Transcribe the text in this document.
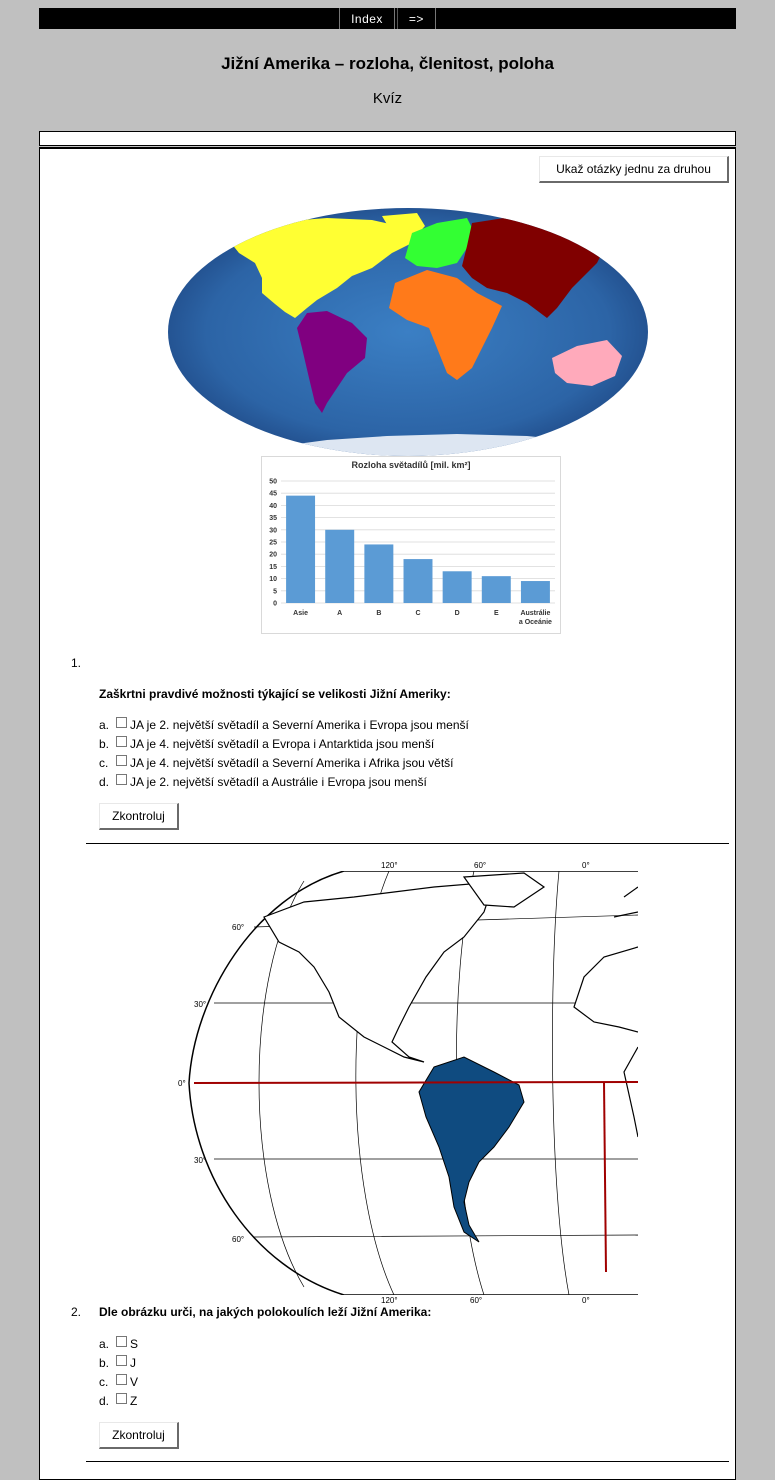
Index	=>
Jižní Amerika – rozloha, členitost, poloha
Kvíz
Ukaž otázky jednu za druhou
Rozloha světadílů [mil. km²]
0
5
10
15
20
25
30
35
40
45
50
Asie	A	B	C	D	E	Austrálie
a Oceánie
1.
Zaškrtni pravdivé možnosti týkající se velikosti Jižní Ameriky:
a.	JA je 2. největší světadíl a Severní Amerika i Evropa jsou menší
b.	JA je 4. největší světadíl a Evropa i Antarktida jsou menší
c.	JA je 4. největší světadíl a Severní Amerika i Afrika jsou větší
d.	JA je 2. největší světadíl a Austrálie i Evropa jsou menší
Zkontroluj
120°	60°	0°
60°
30°
0°
30°
60°
120°	60°	0°
2. Dle obrázku urči, na jakých polokoulích leží Jižní Amerika:
a.	S
b.	J
c.	V
d.	Z
Zkontroluj
